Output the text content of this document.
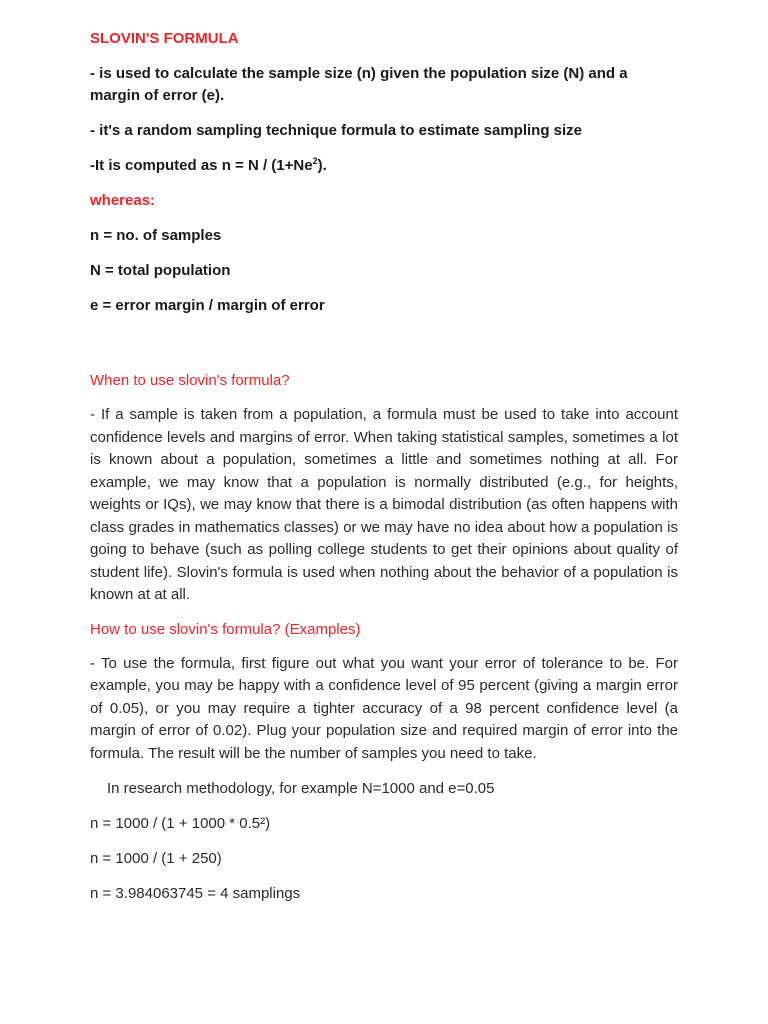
SLOVIN'S FORMULA

- is used to calculate the sample size (n) given the population size (N) and a margin of error (e).

- it's a random sampling technique formula to estimate sampling size

-It is computed as $n = N / (1+Ne^2)$.

whereas:

n = no. of samples

N = total population

e = error margin / margin of error

When to use slovin's formula?

- If a sample is taken from a population, a formula must be used to take into account confidence levels and margins of error. When taking statistical samples, sometimes a lot is known about a population, sometimes a little and sometimes nothing at all. For example, we may know that a population is normally distributed (e.g., for heights, weights or IQs), we may know that there is a bimodal distribution (as often happens with class grades in mathematics classes) or we may have no idea about how a population is going to behave (such as polling college students to get their opinions about quality of student life). Slovin's formula is used when nothing about the behavior of a population is known at at all.

How to use slovin's formula? (Examples)

- To use the formula, first figure out what you want your error of tolerance to be. For example, you may be happy with a confidence level of 95 percent (giving a margin error of 0.05), or you may require a tighter accuracy of a 98 percent confidence level (a margin of error of 0.02). Plug your population size and required margin of error into the formula. The result will be the number of samples you need to take.

In research methodology, for example N=1000 and e=0.05

n = 1000 / (1 + 1000 * 0.5²)

n = 1000 / (1 + 250)

n = 3.984063745 = 4 samplings
